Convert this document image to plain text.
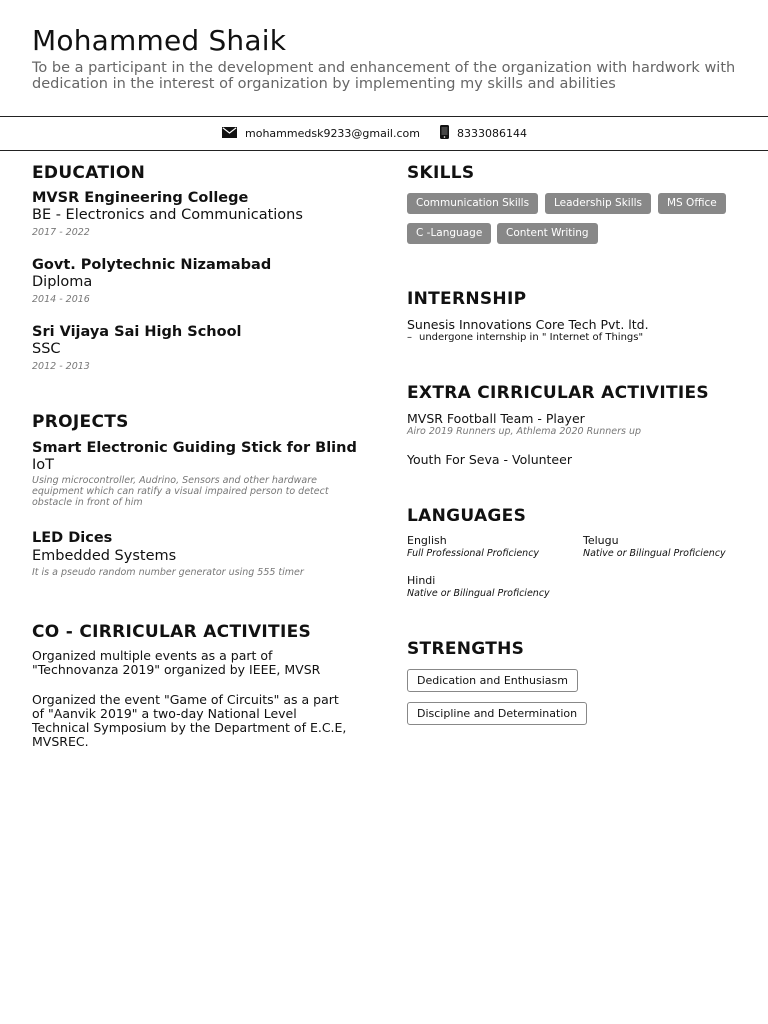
Mohammed Shaik
To be a participant in the development and enhancement of the organization with hardwork with dedication in the interest of organization by implementing my skills and abilities
mohammedsk9233@gmail.com	8333086144
EDUCATION
MVSR Engineering College
BE - Electronics and Communications
2017 - 2022
Govt. Polytechnic Nizamabad
Diploma
2014 - 2016
Sri Vijaya Sai High School
SSC
2012 - 2013
PROJECTS
Smart Electronic Guiding Stick for Blind
IoT
Using microcontroller, Audrino, Sensors and other hardware equipment which can ratify a visual impaired person to detect obstacle in front of him
LED Dices
Embedded Systems
It is a pseudo random number generator using 555 timer
CO - CIRRICULAR ACTIVITIES
Organized multiple events as a part of "Technovanza 2019" organized by IEEE, MVSR
Organized the event "Game of Circuits" as a part of "Aanvik 2019" a two-day National Level Technical Symposium by the Department of E.C.E, MVSREC.
SKILLS
Communication Skills	Leadership Skills	MS Office
C -Language	Content Writing
INTERNSHIP
Sunesis Innovations Core Tech Pvt. ltd.
– undergone internship in " Internet of Things"
EXTRA CIRRICULAR ACTIVITIES
MVSR Football Team - Player
Airo 2019 Runners up, Athlema 2020 Runners up
Youth For Seva - Volunteer
LANGUAGES
English
Full Professional Proficiency
Telugu
Native or Bilingual Proficiency
Hindi
Native or Bilingual Proficiency
STRENGTHS
Dedication and Enthusiasm
Discipline and Determination
